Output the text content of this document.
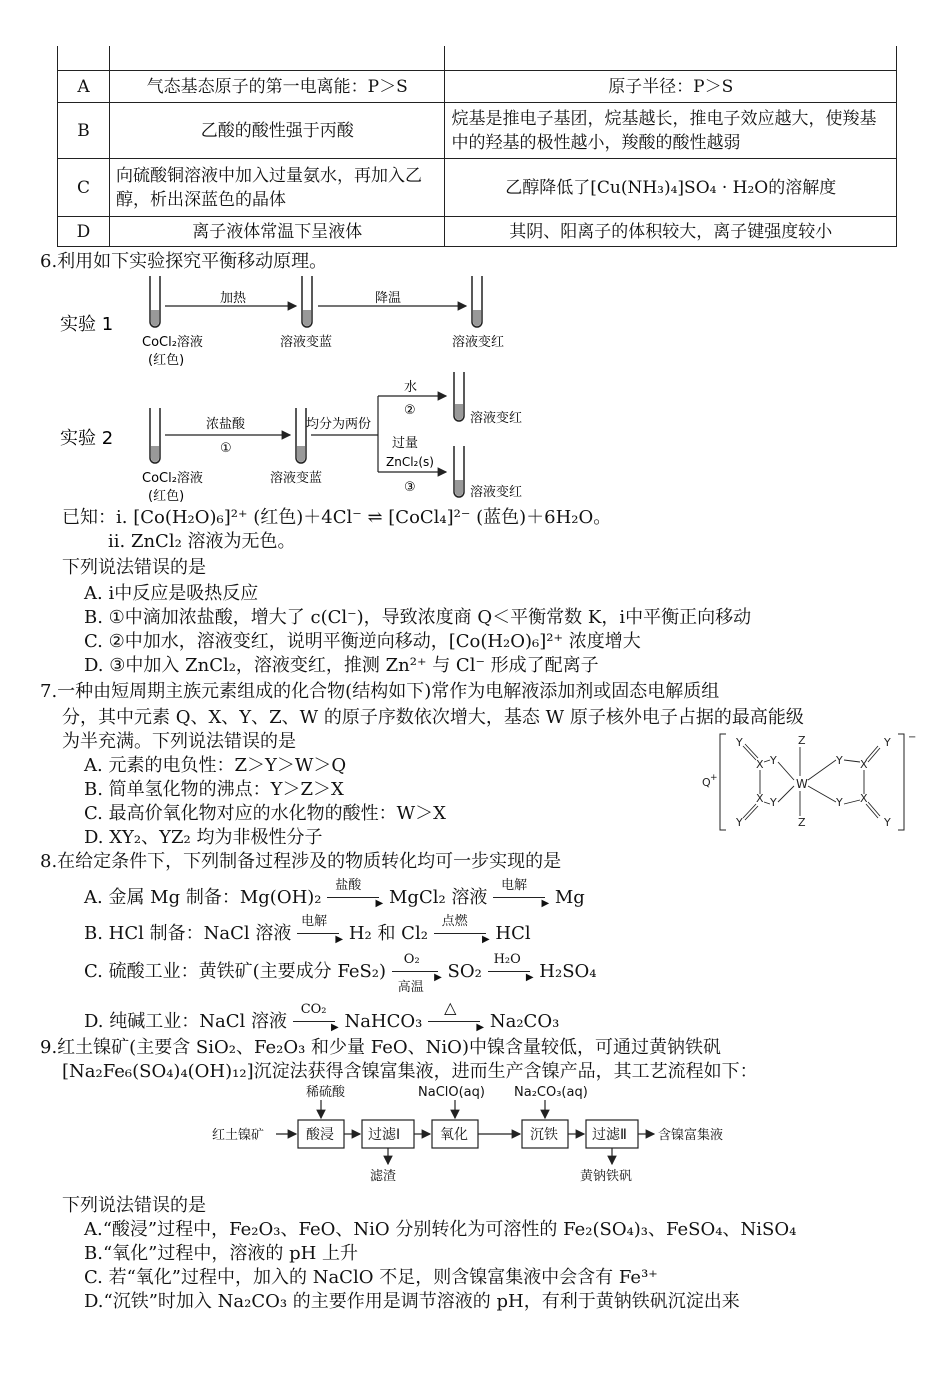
A	气态基态原子的第一电离能：P＞S	原子半径：P＞S
B	乙酸的酸性强于丙酸	烷基是推电子基团，烷基越长，推电子效应越大，使羧基中的羟基的极性越小，羧酸的酸性越弱
C	向硫酸铜溶液中加入过量氨水，再加入乙醇，析出深蓝色的晶体	乙醇降低了[Cu(NH₃)₄]SO₄ · H₂O的溶解度
D	离子液体常温下呈液体	其阴、阳离子的体积较大，离子键强度较小
6.利用如下实验探究平衡移动原理。
实验 1
加热	降温
CoCl₂溶液
(红色)
溶液变蓝	溶液变红
实验 2
浓盐酸
①
均分为两份
水
②
过量
ZnCl₂(s)
③
溶液变红
溶液变红
CoCl₂溶液
(红色)
溶液变蓝
已知：ⅰ. [Co(H₂O)₆]²⁺ (红色)＋4Cl⁻ ⇌ [CoCl₄]²⁻ (蓝色)＋6H₂O。
ⅱ. ZnCl₂ 溶液为无色。
下列说法错误的是
A. ⅰ中反应是吸热反应
B. ①中滴加浓盐酸，增大了 c(Cl⁻)，导致浓度商 Q＜平衡常数 K，ⅰ中平衡正向移动
C. ②中加水，溶液变红，说明平衡逆向移动，[Co(H₂O)₆]²⁺ 浓度增大
D. ③中加入 ZnCl₂，溶液变红，推测 Zn²⁺ 与 Cl⁻ 形成了配离子
7.一种由短周期主族元素组成的化合物(结构如下)常作为电解液添加剂或固态电解质组
分，其中元素 Q、X、Y、Z、W 的原子序数依次增大，基态 W 原子核外电子占据的最高能级
为半充满。下列说法错误的是
A. 元素的电负性：Z＞Y＞W＞Q
B. 简单氢化物的沸点：Y＞Z＞X
C. 最高价氧化物对应的水化物的酸性：W＞X
D. XY₂、YZ₂ 均为非极性分子
Q +
−
W
Z
Z
Y
Y
X
X
Y
Y
Y
Y
X
X
Y
Y
8.在给定条件下，下列制备过程涉及的物质转化均可一步实现的是
A. 金属 Mg 制备：Mg(OH)₂
盐酸
▶ MgCl₂ 溶液
电解
▶ Mg
B. HCl 制备：NaCl 溶液
电解
▶ H₂ 和 Cl₂
点燃
▶ HCl
C. 硫酸工业：黄铁矿(主要成分 FeS₂)
O₂
▶
高温
SO₂
H₂O
▶ H₂SO₄
D. 纯碱工业：NaCl 溶液
CO₂
▶ NaHCO₃
△
▶ Na₂CO₃
9.红土镍矿(主要含 SiO₂、Fe₂O₃ 和少量 FeO、NiO)中镍含量较低，可通过黄钠铁矾
[Na₂Fe₆(SO₄)₄(OH)₁₂]沉淀法获得含镍富集液，进而生产含镍产品，其工艺流程如下：
红土镍矿
稀硫酸	NaClO(aq) Na₂CO₃(aq)
滤渣	黄钠铁矾
含镍富集液
酸浸 过滤Ⅰ	氧化	沉铁 过滤Ⅱ
下列说法错误的是
A.“酸浸”过程中，Fe₂O₃、FeO、NiO 分别转化为可溶性的 Fe₂(SO₄)₃、FeSO₄、NiSO₄
B.“氧化”过程中，溶液的 pH 上升
C. 若“氧化”过程中，加入的 NaClO 不足，则含镍富集液中会含有 Fe³⁺
D.“沉铁”时加入 Na₂CO₃ 的主要作用是调节溶液的 pH，有利于黄钠铁矾沉淀出来
